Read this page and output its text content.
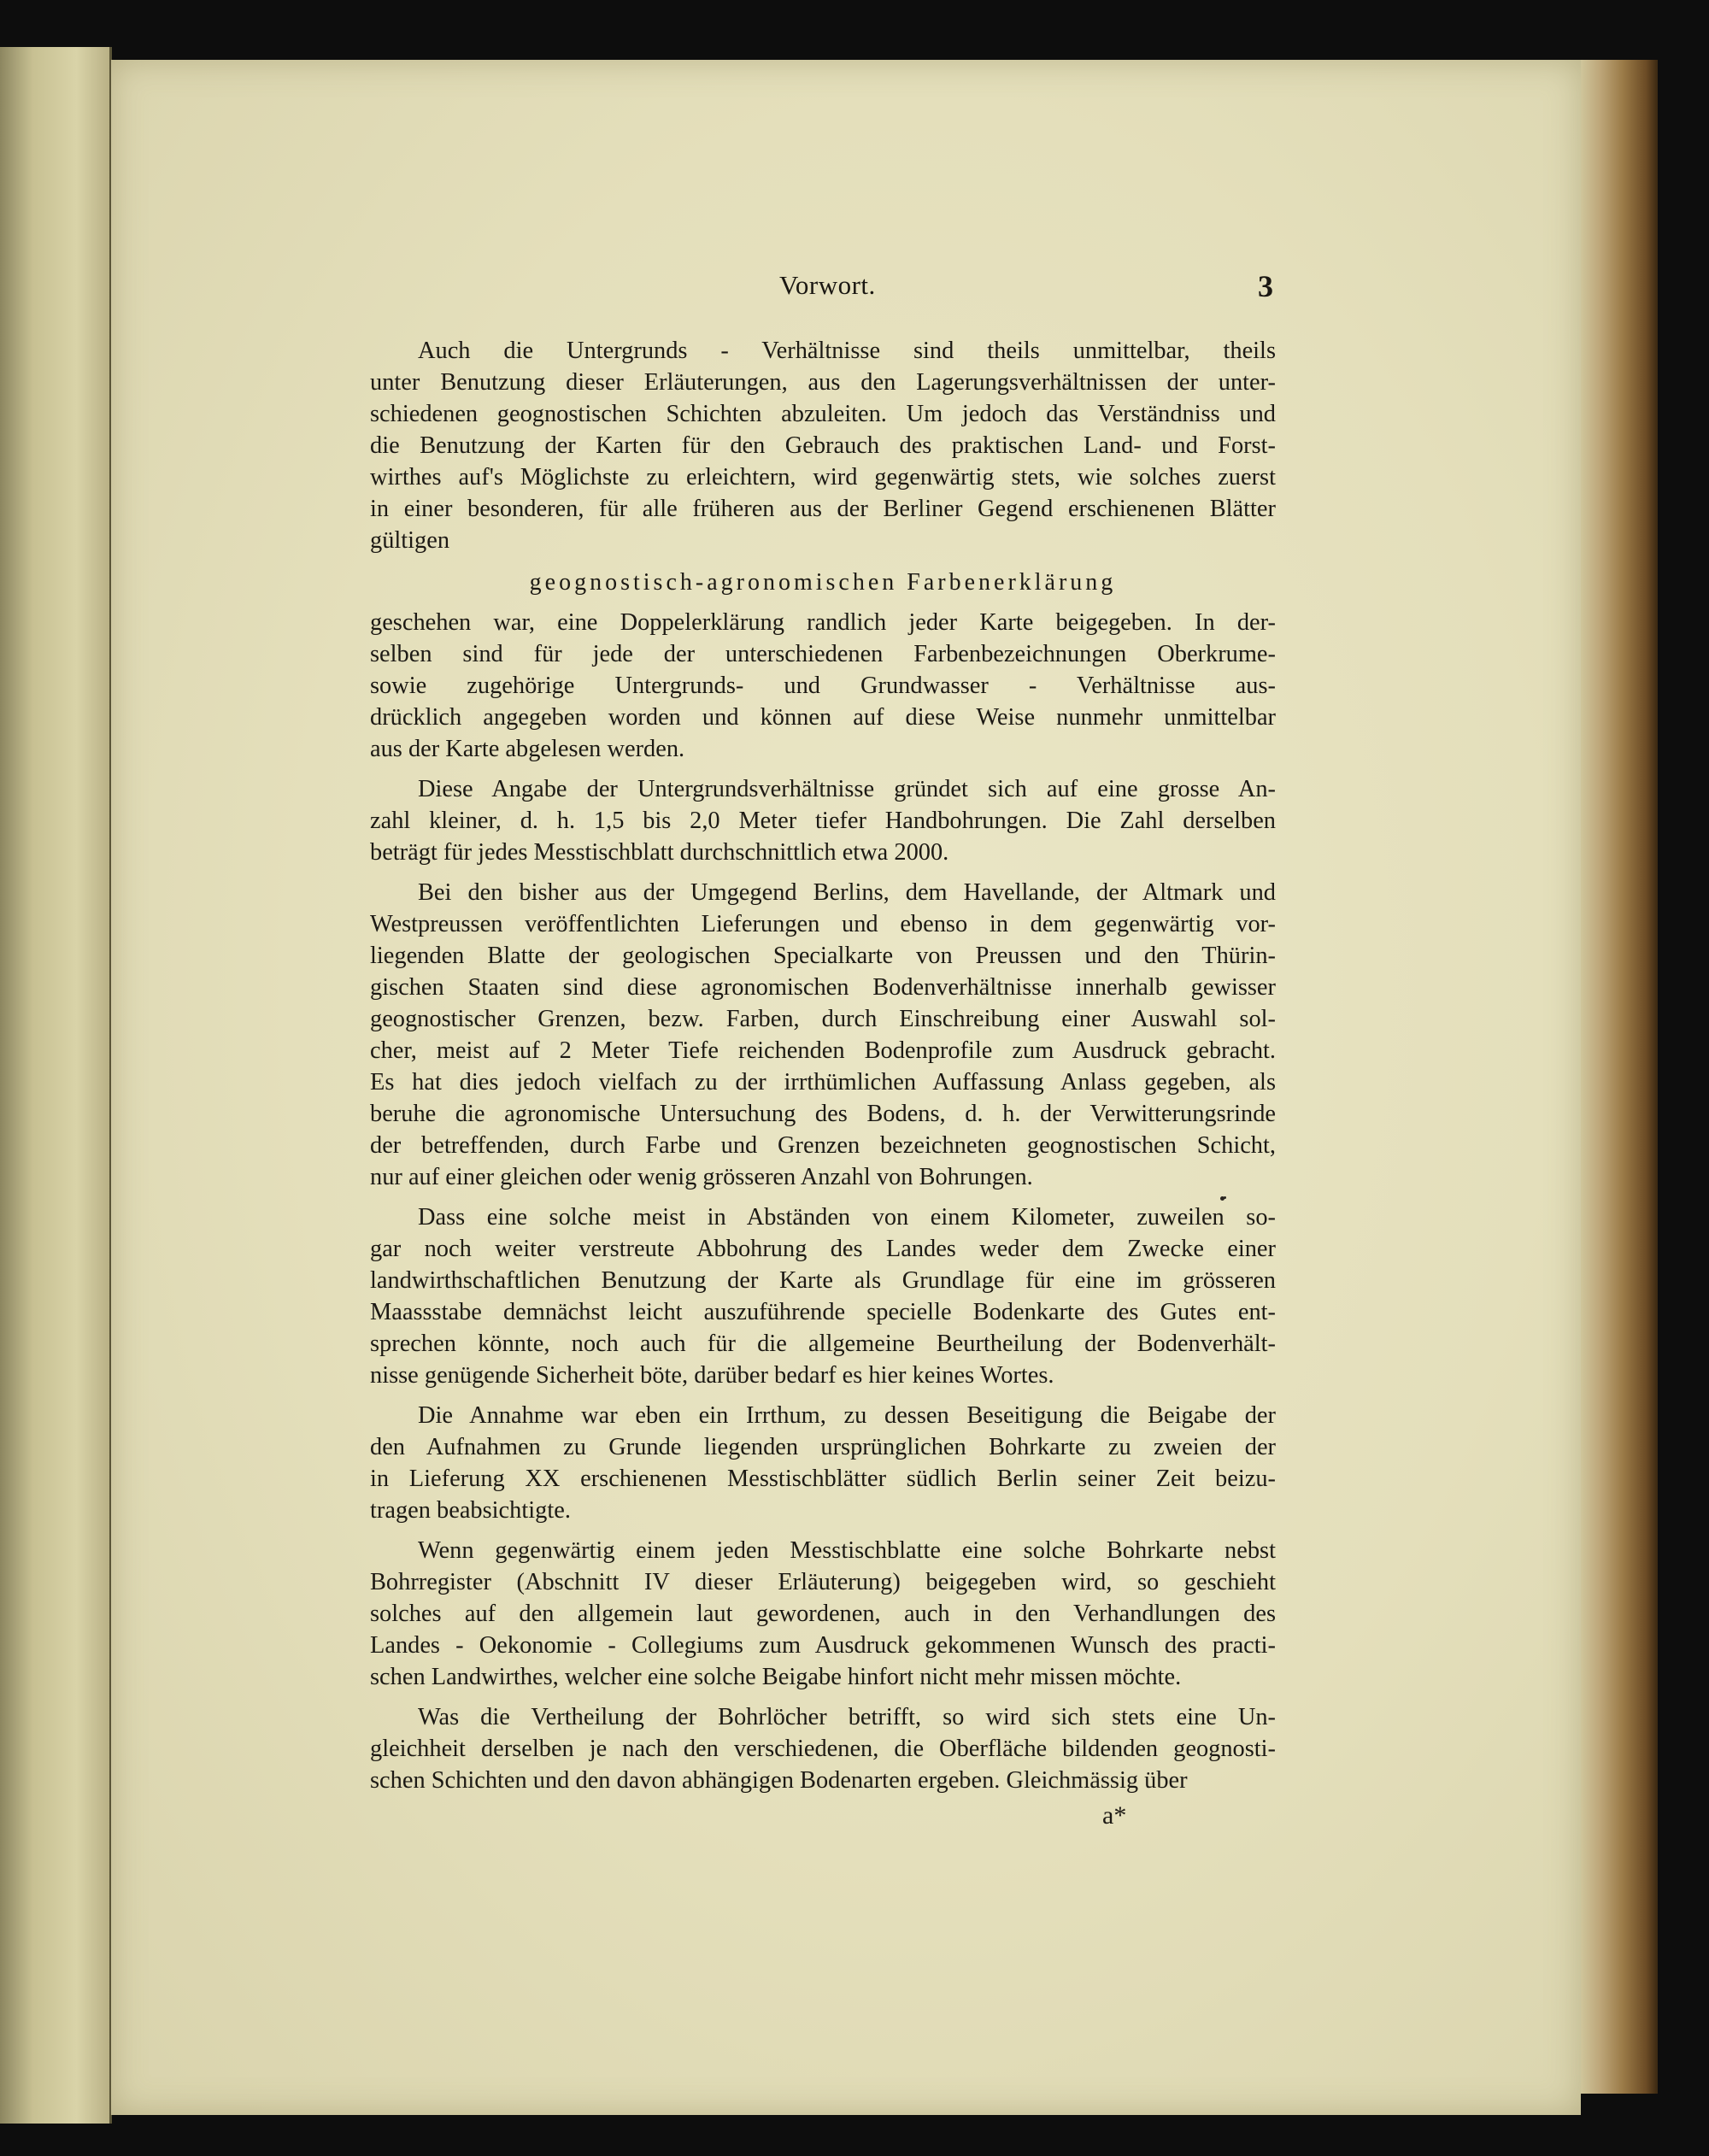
Vorwort.	3

Auch die Untergrunds - Verhältnisse sind theils unmittelbar, theils
unter Benutzung dieser Erläuterungen, aus den Lagerungsverhältnissen der unter-
schiedenen geognostischen Schichten abzuleiten. Um jedoch das Verständniss und
die Benutzung der Karten für den Gebrauch des praktischen Land- und Forst-
wirthes auf's Möglichste zu erleichtern, wird gegenwärtig stets, wie solches zuerst
in einer besonderen, für alle früheren aus der Berliner Gegend erschienenen Blätter
gültigen

geognostisch-agronomischen Farbenerklärung

geschehen war, eine Doppelerklärung randlich jeder Karte beigegeben. In der-
selben sind für jede der unterschiedenen Farbenbezeichnungen Oberkrume-
sowie zugehörige Untergrunds- und Grundwasser - Verhältnisse aus-
drücklich angegeben worden und können auf diese Weise nunmehr unmittelbar
aus der Karte abgelesen werden.

Diese Angabe der Untergrundsverhältnisse gründet sich auf eine grosse An-
zahl kleiner, d. h. 1,5 bis 2,0 Meter tiefer Handbohrungen. Die Zahl derselben
beträgt für jedes Messtischblatt durchschnittlich etwa 2000.

Bei den bisher aus der Umgegend Berlins, dem Havellande, der Altmark und
Westpreussen veröffentlichten Lieferungen und ebenso in dem gegenwärtig vor-
liegenden Blatte der geologischen Specialkarte von Preussen und den Thürin-
gischen Staaten sind diese agronomischen Bodenverhältnisse innerhalb gewisser
geognostischer Grenzen, bezw. Farben, durch Einschreibung einer Auswahl sol-
cher, meist auf 2 Meter Tiefe reichenden Bodenprofile zum Ausdruck gebracht.
Es hat dies jedoch vielfach zu der irrthümlichen Auffassung Anlass gegeben, als
beruhe die agronomische Untersuchung des Bodens, d. h. der Verwitterungsrinde
der betreffenden, durch Farbe und Grenzen bezeichneten geognostischen Schicht,
nur auf einer gleichen oder wenig grösseren Anzahl von Bohrungen.

Dass eine solche meist in Abständen von einem Kilometer, zuweilen so-
gar noch weiter verstreute Abbohrung des Landes weder dem Zwecke einer
landwirthschaftlichen Benutzung der Karte als Grundlage für eine im grösseren
Maassstabe demnächst leicht auszuführende specielle Bodenkarte des Gutes ent-
sprechen könnte, noch auch für die allgemeine Beurtheilung der Bodenverhält-
nisse genügende Sicherheit böte, darüber bedarf es hier keines Wortes.

Die Annahme war eben ein Irrthum, zu dessen Beseitigung die Beigabe der
den Aufnahmen zu Grunde liegenden ursprünglichen Bohrkarte zu zweien der
in Lieferung XX erschienenen Messtischblätter südlich Berlin seiner Zeit beizu-
tragen beabsichtigte.

Wenn gegenwärtig einem jeden Messtischblatte eine solche Bohrkarte nebst
Bohrregister (Abschnitt IV dieser Erläuterung) beigegeben wird, so geschieht
solches auf den allgemein laut gewordenen, auch in den Verhandlungen des
Landes - Oekonomie - Collegiums zum Ausdruck gekommenen Wunsch des practi-
schen Landwirthes, welcher eine solche Beigabe hinfort nicht mehr missen möchte.

Was die Vertheilung der Bohrlöcher betrifft, so wird sich stets eine Un-
gleichheit derselben je nach den verschiedenen, die Oberfläche bildenden geognosti-
schen Schichten und den davon abhängigen Bodenarten ergeben. Gleichmässig über

a*
